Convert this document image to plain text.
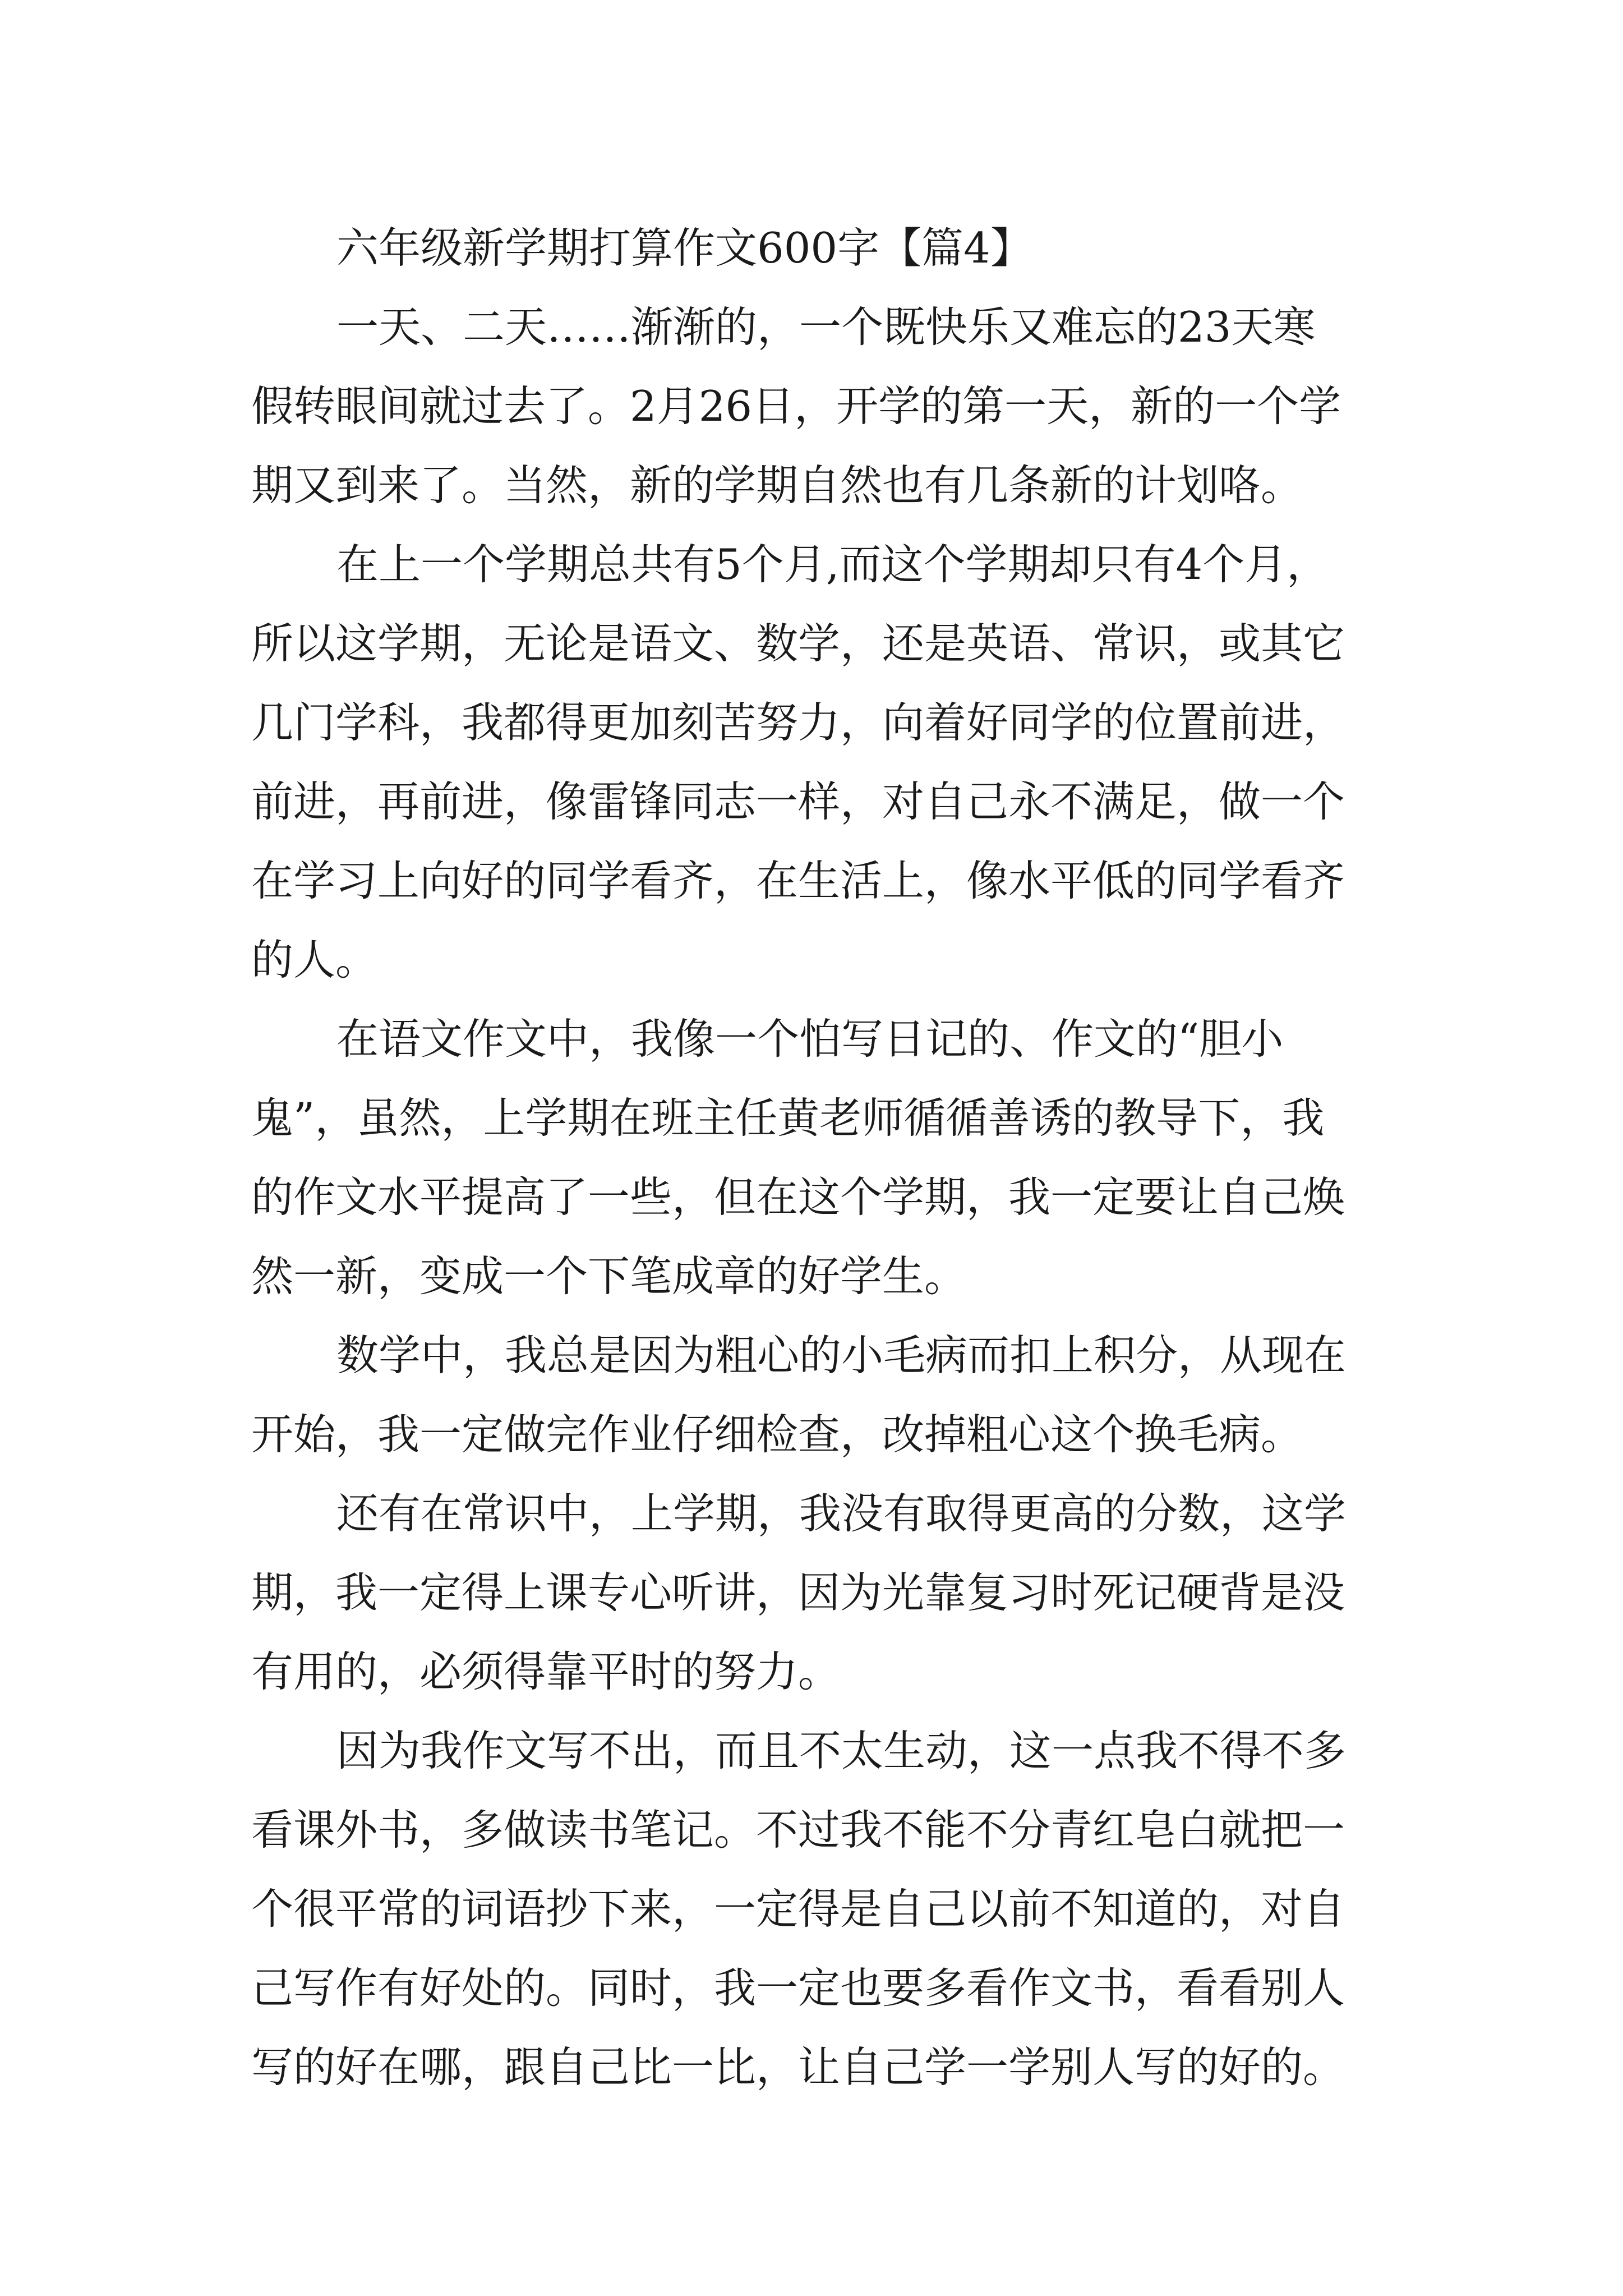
六年级新学期打算作文600字【篇4】
一天、二天……渐渐的，一个既快乐又难忘的23天寒
假转眼间就过去了。2月26日，开学的第一天，新的一个学
期又到来了。当然，新的学期自然也有几条新的计划咯。
在上一个学期总共有5个月,而这个学期却只有4个月，
所以这学期，无论是语文、数学，还是英语、常识，或其它
几门学科，我都得更加刻苦努力，向着好同学的位置前进，
前进，再前进，像雷锋同志一样，对自己永不满足，做一个
在学习上向好的同学看齐，在生活上，像水平低的同学看齐
的人。
在语文作文中，我像一个怕写日记的、作文的“胆小
鬼”，虽然，上学期在班主任黄老师循循善诱的教导下，我
的作文水平提高了一些，但在这个学期，我一定要让自己焕
然一新，变成一个下笔成章的好学生。
数学中，我总是因为粗心的小毛病而扣上积分，从现在
开始，我一定做完作业仔细检查，改掉粗心这个换毛病。
还有在常识中，上学期，我没有取得更高的分数，这学
期，我一定得上课专心听讲，因为光靠复习时死记硬背是没
有用的，必须得靠平时的努力。
因为我作文写不出，而且不太生动，这一点我不得不多
看课外书，多做读书笔记。不过我不能不分青红皂白就把一
个很平常的词语抄下来，一定得是自己以前不知道的，对自
己写作有好处的。同时，我一定也要多看作文书，看看别人
写的好在哪，跟自己比一比，让自己学一学别人写的好的。
